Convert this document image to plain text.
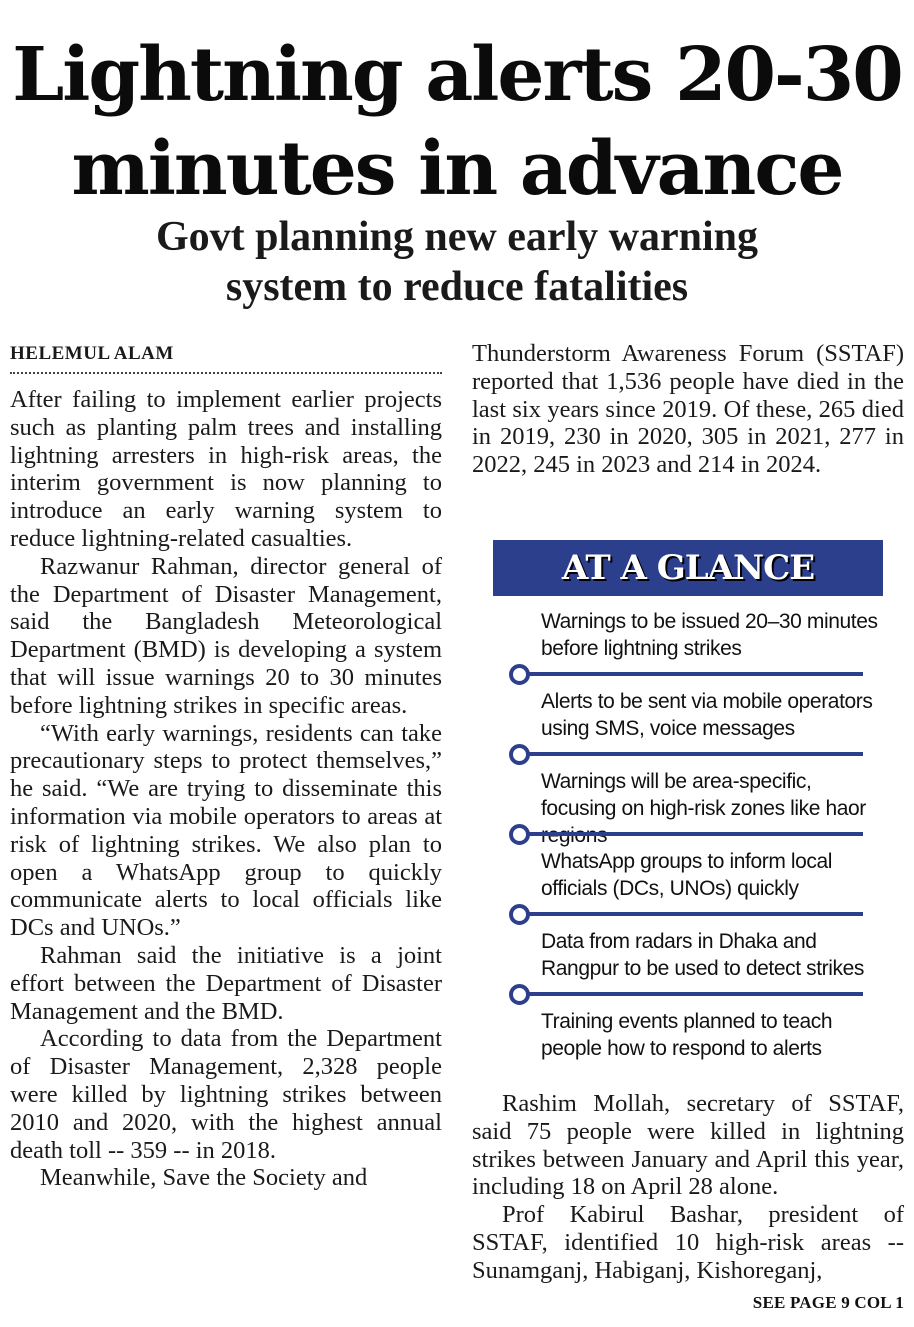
Lightning alerts 20-30
minutes in advance
Govt planning new early warning
system to reduce fatalities
HELEMUL ALAM

After failing to implement earlier projects such as planting palm trees and installing lightning arresters in high-risk areas, the interim government is now planning to introduce an early warning system to reduce lightning-related casualties.

Razwanur Rahman, director general of the Department of Disaster Management, said the Bangladesh Meteorological Department (BMD) is developing a system that will issue warnings 20 to 30 minutes before lightning strikes in specific areas.

“With early warnings, residents can take precautionary steps to protect themselves,” he said. “We are trying to disseminate this information via mobile operators to areas at risk of lightning strikes. We also plan to open a WhatsApp group to quickly communicate alerts to local officials like DCs and UNOs.”

Rahman said the initiative is a joint effort between the Department of Disaster Management and the BMD.

According to data from the Department of Disaster Management, 2,328 people were killed by lightning strikes between 2010 and 2020, with the highest annual death toll -- 359 -- in 2018.

Meanwhile, Save the Society and

Thunderstorm Awareness Forum (SSTAF) reported that 1,536 people have died in the last six years since 2019. Of these, 265 died in 2019, 230 in 2020, 305 in 2021, 277 in 2022, 245 in 2023 and 214 in 2024.

AT A GLANCE
Warnings to be issued 20–30 minutes before lightning strikes
Alerts to be sent via mobile operators using SMS, voice messages
Warnings will be area-specific, focusing on high-risk zones like haor
WhatsApp groups to inform local officials (DCs, UNOs) quickly
Data from radars in Dhaka and Rangpur to be used to detect strikes
Training events planned to teach people how to respond to alerts

Rashim Mollah, secretary of SSTAF, said 75 people were killed in lightning strikes between January and April this year, including 18 on April 28 alone.

Prof Kabirul Bashar, president of SSTAF, identified 10 high-risk areas -- Sunamganj, Habiganj, Kishoreganj,

SEE PAGE 9 COL 1
